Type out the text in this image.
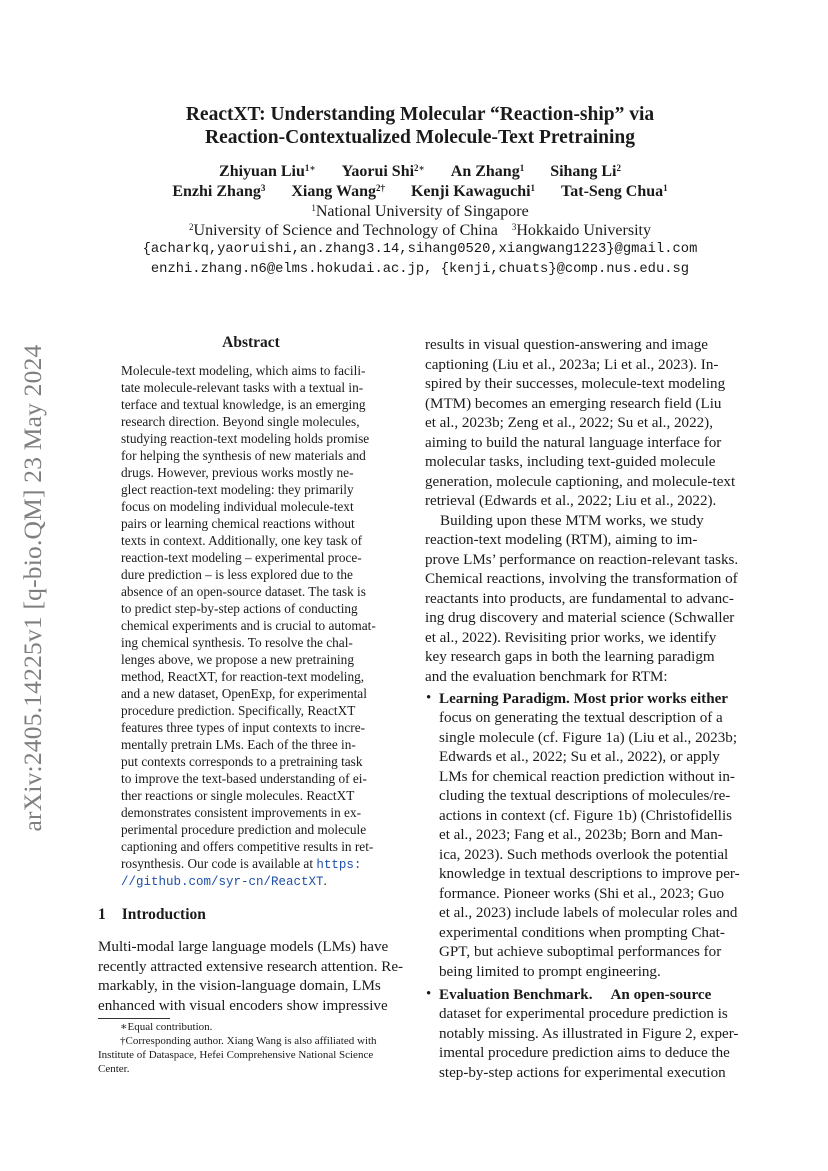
arXiv:2405.14225v1 [q-bio.QM] 23 May 2024
ReactXT: Understanding Molecular “Reaction-ship” via
Reaction-Contextualized Molecule-Text Pretraining
Zhiyuan Liu$^{1∗}$ Yaorui Shi$^{2∗}$ An Zhang$^1$ Sihang Li$^2$
Enzhi Zhang$^3$ Xiang Wang$^{2\dagger}$ Kenji Kawaguchi$^1$ Tat-Seng Chua$^1$
$^1$National University of Singapore
$^2$University of Science and Technology of China $^3$Hokkaido University
{acharkq,yaoruishi,an.zhang3.14,sihang0520,xiangwang1223}@gmail.com
enzhi.zhang.n6@elms.hokudai.ac.jp, {kenji,chuats}@comp.nus.edu.sg
Abstract
Molecule-text modeling, which aims to facili-
tate molecule-relevant tasks with a textual in-
terface and textual knowledge, is an emerging
research direction. Beyond single molecules,
studying reaction-text modeling holds promise
for helping the synthesis of new materials and
drugs. However, previous works mostly ne-
glect reaction-text modeling: they primarily
focus on modeling individual molecule-text
pairs or learning chemical reactions without
texts in context. Additionally, one key task of
reaction-text modeling – experimental proce-
dure prediction – is less explored due to the
absence of an open-source dataset. The task is
to predict step-by-step actions of conducting
chemical experiments and is crucial to automat-
ing chemical synthesis. To resolve the chal-
lenges above, we propose a new pretraining
method, ReactXT, for reaction-text modeling,
and a new dataset, OpenExp, for experimental
procedure prediction. Specifically, ReactXT
features three types of input contexts to incre-
mentally pretrain LMs. Each of the three in-
put contexts corresponds to a pretraining task
to improve the text-based understanding of ei-
ther reactions or single molecules. ReactXT
demonstrates consistent improvements in ex-
perimental procedure prediction and molecule
captioning and offers competitive results in ret-
rosynthesis. Our code is available at https:
//github.com/syr-cn/ReactXT.
1 Introduction
Multi-modal large language models (LMs) have
recently attracted extensive research attention. Re-
markably, in the vision-language domain, LMs
enhanced with visual encoders show impressive
∗Equal contribution.
†Corresponding author. Xiang Wang is also affiliated with
Institute of Dataspace, Hefei Comprehensive National Science
Center.
results in visual question-answering and image
captioning (Liu et al., 2023a; Li et al., 2023). In-
spired by their successes, molecule-text modeling
(MTM) becomes an emerging research field (Liu
et al., 2023b; Zeng et al., 2022; Su et al., 2022),
aiming to build the natural language interface for
molecular tasks, including text-guided molecule
generation, molecule captioning, and molecule-text
retrieval (Edwards et al., 2022; Liu et al., 2022).
Building upon these MTM works, we study
reaction-text modeling (RTM), aiming to im-
prove LMs’ performance on reaction-relevant tasks.
Chemical reactions, involving the transformation of
reactants into products, are fundamental to advanc-
ing drug discovery and material science (Schwaller
et al., 2022). Revisiting prior works, we identify
key research gaps in both the learning paradigm
and the evaluation benchmark for RTM:
• Learning Paradigm. Most prior works either
focus on generating the textual description of a
single molecule (cf. Figure 1a) (Liu et al., 2023b;
Edwards et al., 2022; Su et al., 2022), or apply
LMs for chemical reaction prediction without in-
cluding the textual descriptions of molecules/re-
actions in context (cf. Figure 1b) (Christofidellis
et al., 2023; Fang et al., 2023b; Born and Man-
ica, 2023). Such methods overlook the potential
knowledge in textual descriptions to improve per-
formance. Pioneer works (Shi et al., 2023; Guo
et al., 2023) include labels of molecular roles and
experimental conditions when prompting Chat-
GPT, but achieve suboptimal performances for
being limited to prompt engineering.
• Evaluation Benchmark.     An open-source
dataset for experimental procedure prediction is
notably missing. As illustrated in Figure 2, exper-
imental procedure prediction aims to deduce the
step-by-step actions for experimental execution
